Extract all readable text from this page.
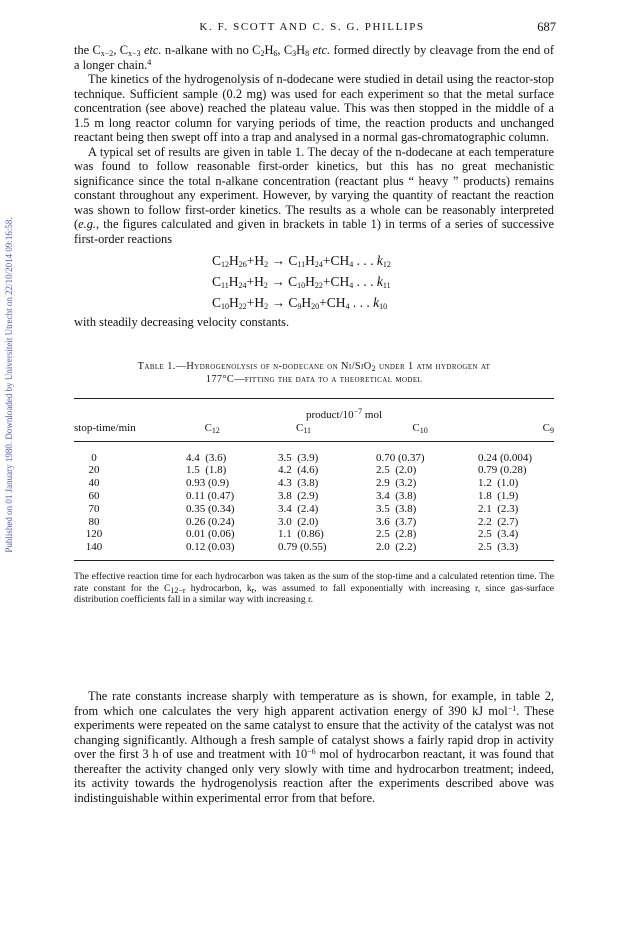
Published on 01 January 1980. Downloaded by Universiteit Utrecht on 22/10/2014 09:16:58.
K. F. SCOTT AND C. S. G. PHILLIPS	687

the $C_{x-2}$, $C_{x-3}$ etc. n-alkane with no $C_2H_6$, $C_3H_8$ etc. formed directly by cleavage from the end of a longer chain.$^4$

The kinetics of the hydrogenolysis of n-dodecane were studied in detail using the reactor-stop technique. Sufficient sample (0.2 mg) was used for each experiment so that the metal surface concentration (see above) reached the plateau value. This was then stopped in the middle of a 1.5 m long reactor column for varying periods of time, the reaction products and unchanged reactant being then swept off into a trap and analysed in a normal gas-chromatographic column.

A typical set of results are given in table 1. The decay of the n-dodecane at each temperature was found to follow reasonable first-order kinetics, but this has no great mechanistic significance since the total n-alkane concentration (reactant plus “ heavy ” products) remains constant throughout any experiment. However, by varying the quantity of reactant the reaction was shown to follow first-order kinetics. The results as a whole can be reasonably interpreted (e.g., the figures calculated and given in brackets in table 1) in terms of a series of successive first-order reactions

$C_{12}H_{26}+H_2 \to C_{11}H_{24}+CH_4$ . . . $k_{12}$
$C_{11}H_{24}+H_2 \to C_{10}H_{22}+CH_4$ . . . $k_{11}$
$C_{10}H_{22}+H_2 \to C_9H_{20}+CH_4$ . . . $k_{10}$

with steadily decreasing velocity constants.

Table 1.—Hydrogenolysis of n-dodecane on Ni/SiO$_2$ under 1 atm hydrogen at
177°C—fitting the data to a theoretical model
		product/$10^{-7}$ mol		
stop-time/min	$C_{12}$	$C_{11}$	$C_{10}$	$C_9$

0	4.4  (3.6)	3.5  (3.9)	0.70 (0.37)	0.24 (0.004)
20	1.5  (1.8)	4.2  (4.6)	2.5  (2.0)	0.79 (0.28)
40	0.93 (0.9)	4.3  (3.8)	2.9  (3.2)	1.2  (1.0)
60	0.11 (0.47)	3.8  (2.9)	3.4  (3.8)	1.8  (1.9)
70	0.35 (0.34)	3.4  (2.4)	3.5  (3.8)	2.1  (2.3)
80	0.26 (0.24)	3.0  (2.0)	3.6  (3.7)	2.2  (2.7)
120	0.01 (0.06)	1.1  (0.86)	2.5  (2.8)	2.5  (3.4)
140	0.12 (0.03)	0.79 (0.55)	2.0  (2.2)	2.5  (3.3)
The effective reaction time for each hydrocarbon was taken as the sum of the stop-time and a calculated retention time. The rate constant for the $C_{12-r}$ hydrocarbon, $k_r$, was assumed to fall exponentially with increasing r, since gas-surface distribution coefficients fall in a similar way with increasing r.

The rate constants increase sharply with temperature as is shown, for example, in table 2, from which one calculates the very high apparent activation energy of 390 kJ mol$^{-1}$. These experiments were repeated on the same catalyst to ensure that the activity of the catalyst was not changing significantly. Although a fresh sample of catalyst shows a fairly rapid drop in activity over the first 3 h of use and treatment with $10^{-6}$ mol of hydrocarbon reactant, it was found that thereafter the activity changed only very slowly with time and hydrocarbon treatment; indeed, its activity towards the hydrogenolysis reaction after the experiments described above was indistinguishable within experimental error from that before.
